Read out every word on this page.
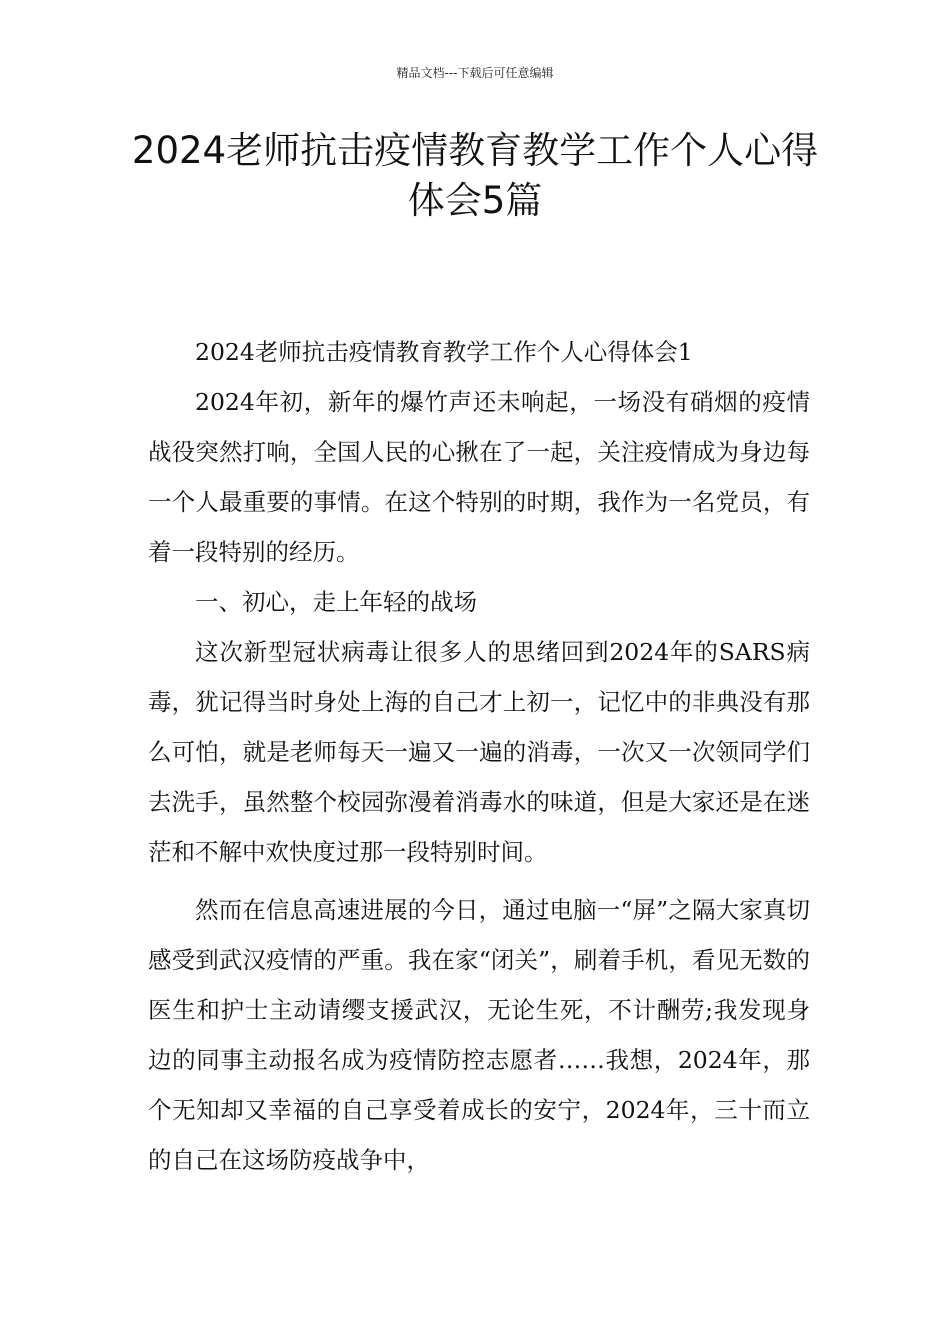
精品文档---下载后可任意编辑
2024老师抗击疫情教育教学工作个人心得体会5篇

2024老师抗击疫情教育教学工作个人心得体会1

2024年初，新年的爆竹声还未响起，一场没有硝烟的疫情战役突然打响，全国人民的心揪在了一起，关注疫情成为身边每一个人最重要的事情。在这个特别的时期，我作为一名党员，有着一段特别的经历。

一、初心，走上年轻的战场

这次新型冠状病毒让很多人的思绪回到2024年的SARS病毒，犹记得当时身处上海的自己才上初一，记忆中的非典没有那么可怕，就是老师每天一遍又一遍的消毒，一次又一次领同学们去洗手，虽然整个校园弥漫着消毒水的味道，但是大家还是在迷茫和不解中欢快度过那一段特别时间。

然而在信息高速进展的今日，通过电脑一“屏”之隔大家真切感受到武汉疫情的严重。我在家“闭关”，刷着手机，看见无数的医生和护士主动请缨支援武汉，无论生死，不计酬劳;我发现身边的同事主动报名成为疫情防控志愿者……我想，2024年，那个无知却又幸福的自己享受着成长的安宁，2024年，三十而立的自己在这场防疫战争中，
